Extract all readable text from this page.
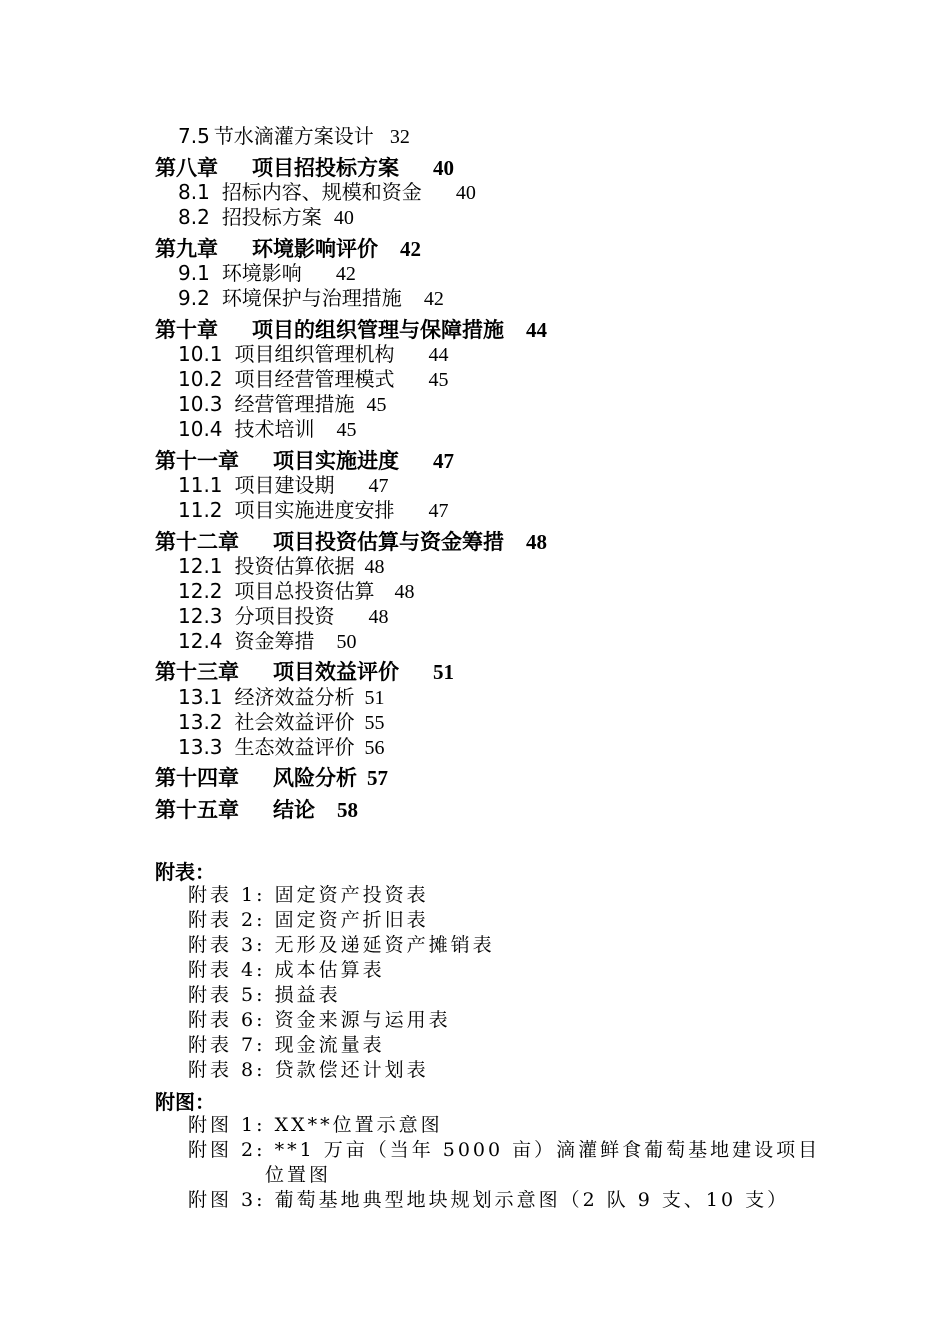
7.5 节水滴灌方案设计 32
第八章 项目招投标方案 40
8.1 招标内容、规模和资金 40
8.2 招投标方案 40
第九章 环境影响评价 42
9.1 环境影响 42
9.2 环境保护与治理措施 42
第十章 项目的组织管理与保障措施 44
10.1 项目组织管理机构 44
10.2 项目经营管理模式 45
10.3 经营管理措施 45
10.4 技术培训 45
第十一章 项目实施进度 47
11.1 项目建设期 47
11.2 项目实施进度安排 47
第十二章 项目投资估算与资金筹措 48
12.1 投资估算依据 48
12.2 项目总投资估算 48
12.3 分项目投资 48
12.4 资金筹措 50
第十三章 项目效益评价 51
13.1 经济效益分析 51
13.2 社会效益评价 55
13.3 生态效益评价 56
第十四章 风险分析 57
第十五章 结论 58
附表：
附表 1: 固定资产投资表
附表 2: 固定资产折旧表
附表 3: 无形及递延资产摊销表
附表 4: 成本估算表
附表 5: 损益表
附表 6: 资金来源与运用表
附表 7: 现金流量表
附表 8: 贷款偿还计划表
附图：
附图 1: XX**位置示意图
附图 2: **1 万亩（当年 5000 亩）滴灌鲜食葡萄基地建设项目
位置图
附图 3: 葡萄基地典型地块规划示意图（2 队 9 支、10 支）
